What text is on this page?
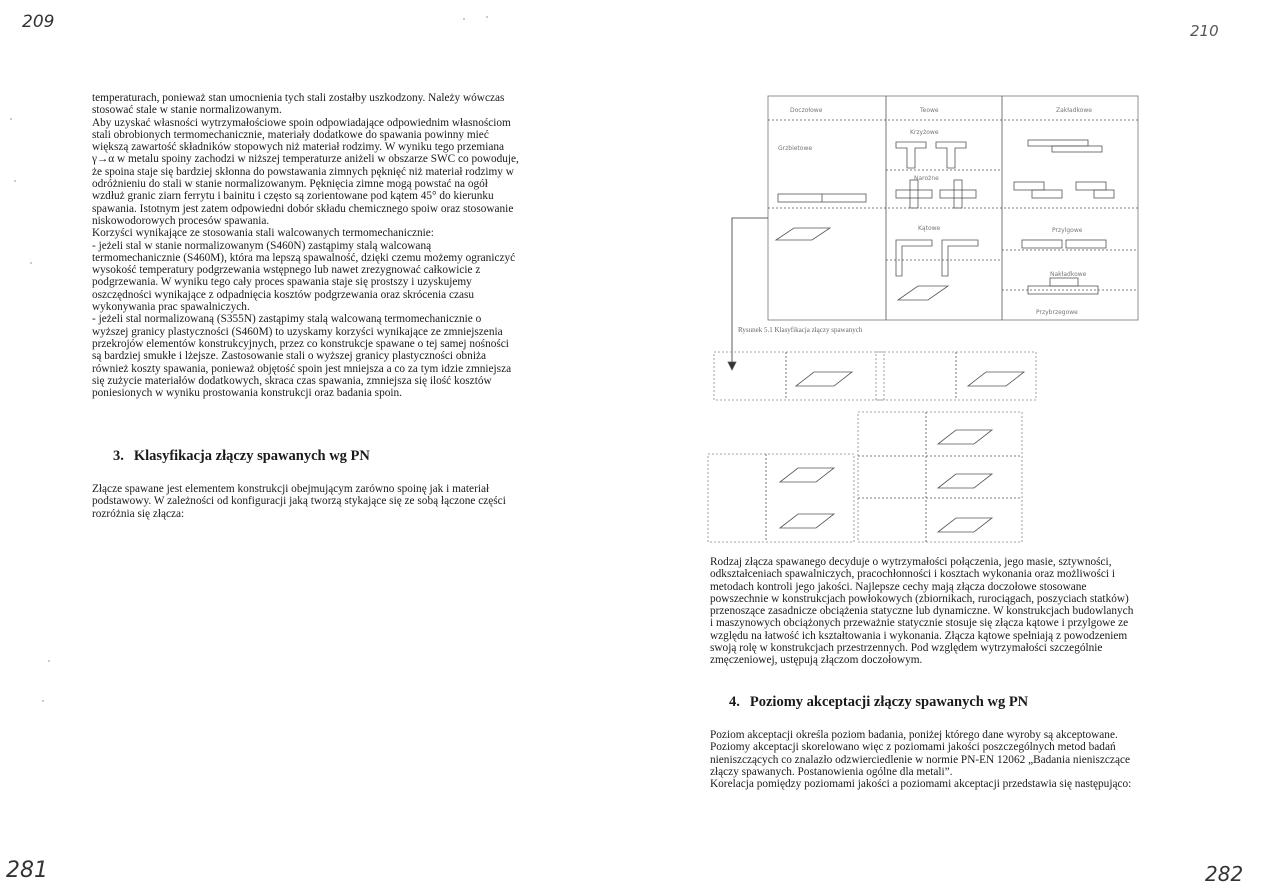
209	210
281	282

temperaturach, ponieważ stan umocnienia tych stali zostałby uszkodzony. Należy wówczas

stosować stale w stanie normalizowanym.

Aby uzyskać własności wytrzymałościowe spoin odpowiadające odpowiednim własnościom

stali obrobionych termomechanicznie, materiały dodatkowe do spawania powinny mieć

większą zawartość składników stopowych niż materiał rodzimy. W wyniku tego przemiana

γ→α w metalu spoiny zachodzi w niższej temperaturze aniżeli w obszarze SWC co powoduje,

że spoina staje się bardziej skłonna do powstawania zimnych pęknięć niż materiał rodzimy w

odróżnieniu do stali w stanie normalizowanym. Pęknięcia zimne mogą powstać na ogół

wzdłuż granic ziarn ferrytu i bainitu i często są zorientowane pod kątem 45° do kierunku

spawania. Istotnym jest zatem odpowiedni dobór składu chemicznego spoiw oraz stosowanie

niskowodorowych procesów spawania.

Korzyści wynikające ze stosowania stali walcowanych termomechanicznie:

- jeżeli stal w stanie normalizowanym (S460N) zastąpimy stalą walcowaną

termomechanicznie (S460M), która ma lepszą spawalność, dzięki czemu możemy ograniczyć

wysokość temperatury podgrzewania wstępnego lub nawet zrezygnować całkowicie z

podgrzewania. W wyniku tego cały proces spawania staje się prostszy i uzyskujemy

oszczędności wynikające z odpadnięcia kosztów podgrzewania oraz skrócenia czasu

wykonywania prac spawalniczych.

- jeżeli stal normalizowaną (S355N) zastąpimy stalą walcowaną termomechanicznie o

wyższej granicy plastyczności (S460M) to uzyskamy korzyści wynikające ze zmniejszenia

przekrojów elementów konstrukcyjnych, przez co konstrukcje spawane o tej samej nośności

są bardziej smukłe i lżejsze. Zastosowanie stali o wyższej granicy plastyczności obniża

również koszty spawania, ponieważ objętość spoin jest mniejsza a co za tym idzie zmniejsza

się zużycie materiałów dodatkowych, skraca czas spawania, zmniejsza się ilość kosztów

poniesionych w wyniku prostowania konstrukcji oraz badania spoin.

3. Klasyfikacja złączy spawanych wg PN

Złącze spawane jest elementem konstrukcji obejmującym zarówno spoinę jak i materiał

podstawowy. W zależności od konfiguracji jaką tworzą stykające się ze sobą łączone części

rozróżnia się złącza:

Doczołowe	Teowe	Zakładkowe
Narożne
Kątowe	Przylgowe
Krzyżowe
Grzbietowe
Nakładkowe
Przybrzegowe
Rysunek 5.1 Klasyfikacja złączy spawanych

Rodzaj złącza spawanego decyduje o wytrzymałości połączenia, jego masie, sztywności,

odkształceniach spawalniczych, pracochłonności i kosztach wykonania oraz możliwości i

metodach kontroli jego jakości. Najlepsze cechy mają złącza doczołowe stosowane

powszechnie w konstrukcjach powłokowych (zbiornikach, rurociągach, poszyciach statków)

przenoszące zasadnicze obciążenia statyczne lub dynamiczne. W konstrukcjach budowlanych

i maszynowych obciążonych przeważnie statycznie stosuje się złącza kątowe i przylgowe ze

względu na łatwość ich kształtowania i wykonania. Złącza kątowe spełniają z powodzeniem

swoją rolę w konstrukcjach przestrzennych. Pod względem wytrzymałości szczególnie

zmęczeniowej, ustępują złączom doczołowym.

4. Poziomy akceptacji złączy spawanych wg PN

Poziom akceptacji określa poziom badania, poniżej którego dane wyroby są akceptowane.

Poziomy akceptacji skorelowano więc z poziomami jakości poszczególnych metod badań

nieniszczących co znalazło odzwierciedlenie w normie PN-EN 12062 „Badania nieniszczące

złączy spawanych. Postanowienia ogólne dla metali”.

Korelacja pomiędzy poziomami jakości a poziomami akceptacji przedstawia się następująco:
